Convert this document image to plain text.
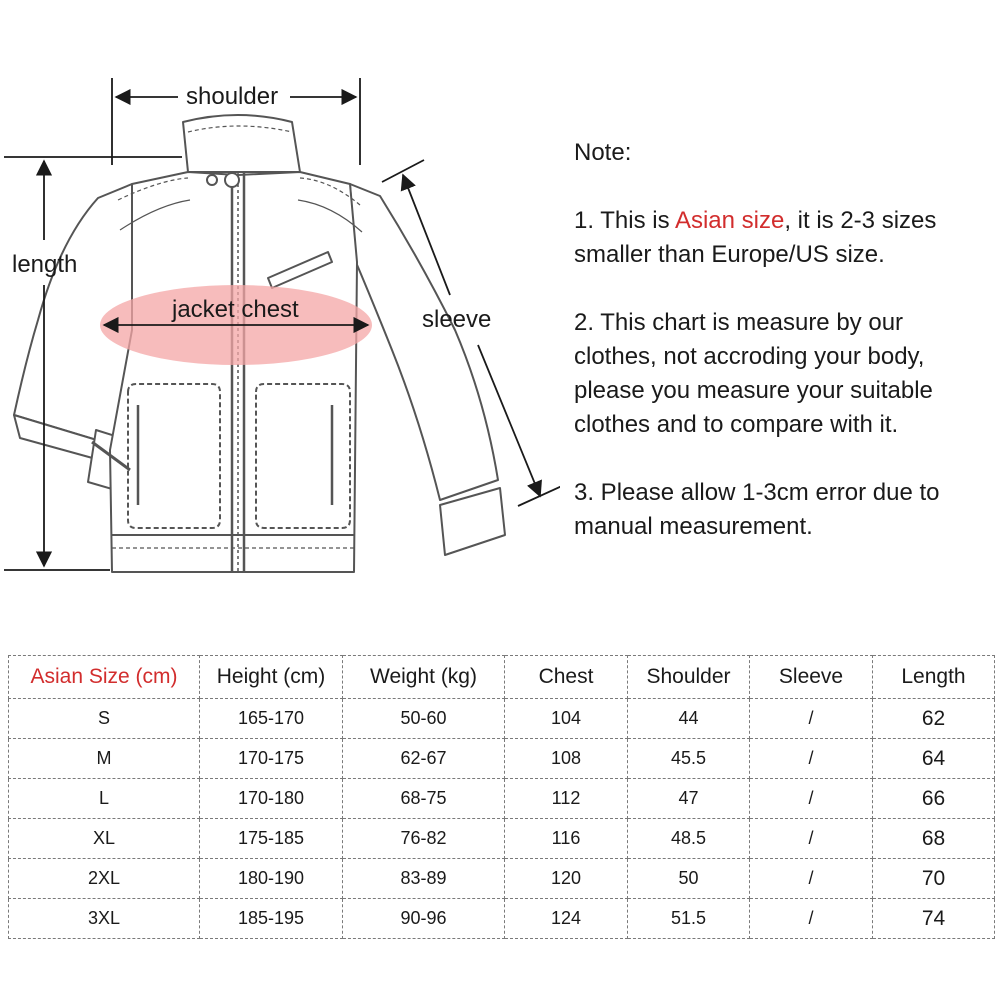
shoulder
length
jacket chest	sleeve

Note:

1. This is Asian size, it is 2-3 sizes
smaller than Europe/US size.

2. This chart is measure by our
clothes, not accroding your body,
please you measure your suitable
clothes and to compare with it.

3. Please allow 1-3cm error due to
manual measurement.

Asian Size (cm)	Height (cm)	Weight (kg)	Chest	Shoulder	Sleeve	Length
S	165-170	50-60	104	44	/	62
M	170-175	62-67	108	45.5	/	64
L	170-180	68-75	112	47	/	66
XL	175-185	76-82	116	48.5	/	68
2XL	180-190	83-89	120	50	/	70
3XL	185-195	90-96	124	51.5	/	74
